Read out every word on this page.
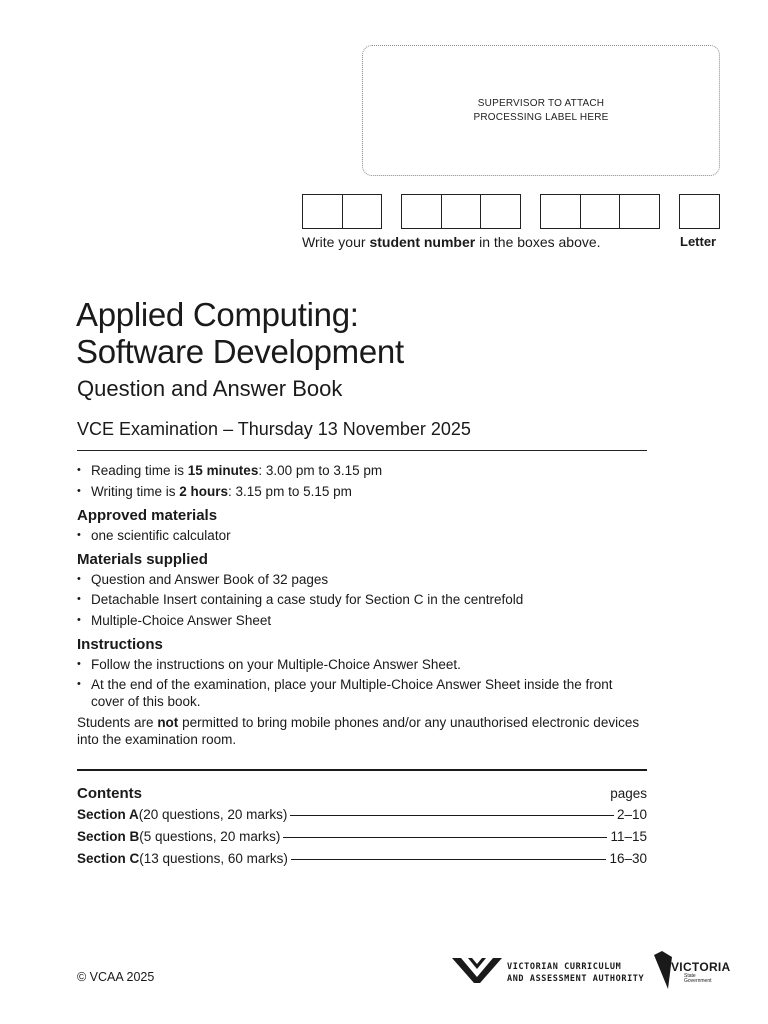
SUPERVISOR TO ATTACH
PROCESSING LABEL HERE
Write your student number in the boxes above.	Letter
Applied Computing:
Software Development
Question and Answer Book
VCE Examination – Thursday 13 November 2025
• Reading time is 15 minutes: 3.00 pm to 3.15 pm
• Writing time is 2 hours: 3.15 pm to 5.15 pm
Approved materials
• one scientific calculator
Materials supplied
• Question and Answer Book of 32 pages
• Detachable Insert containing a case study for Section C in the centrefold
• Multiple-Choice Answer Sheet
Instructions
• Follow the instructions on your Multiple-Choice Answer Sheet.
• At the end of the examination, place your Multiple-Choice Answer Sheet inside the front cover of this book.

Students are not permitted to bring mobile phones and/or any unauthorised electronic devices into the examination room.

Contents	pages
Section A (20 questions, 20 marks)	2–10
Section B (5 questions, 20 marks)	11–15
Section C (13 questions, 60 marks)	16–30
© VCAA 2025
VICTORIAN CURRICULUM
AND ASSESSMENT AUTHORITY
VICTORIA
State
Government
